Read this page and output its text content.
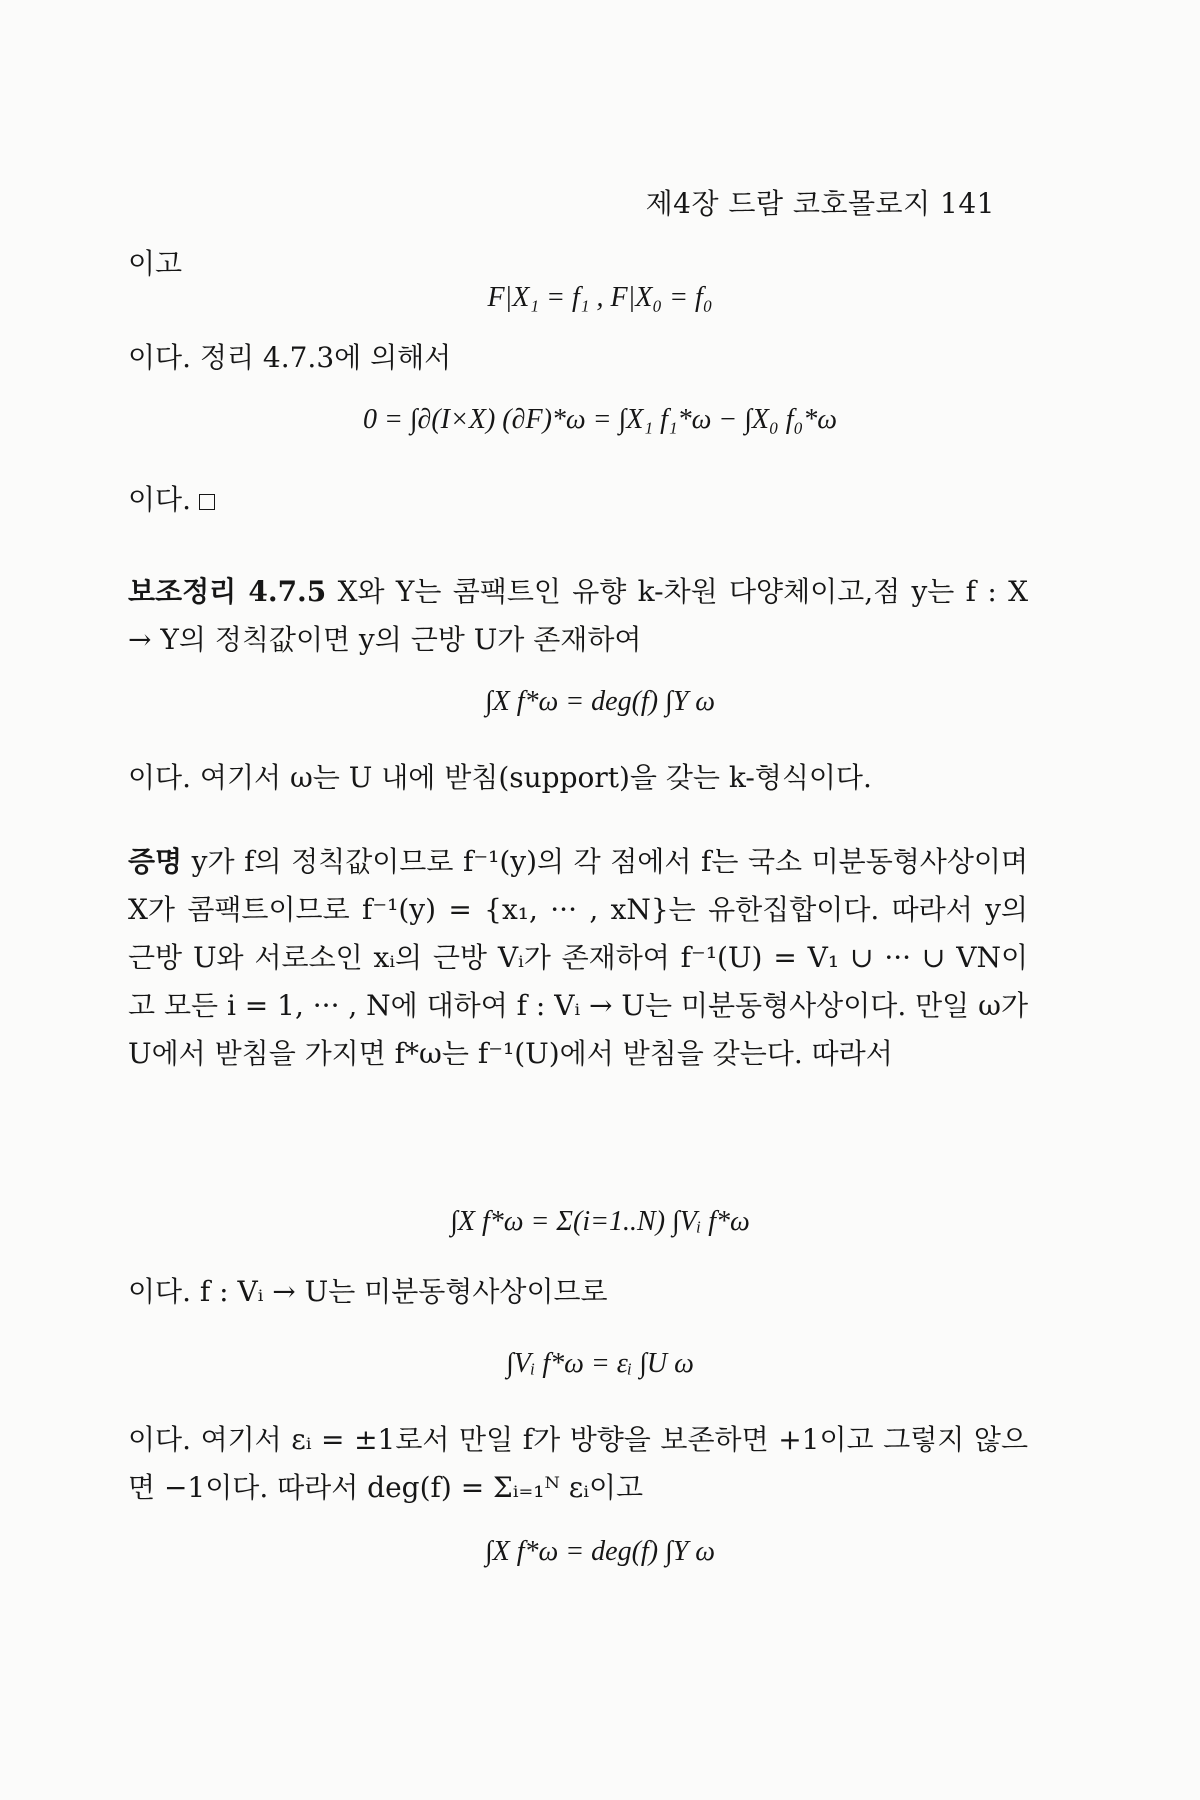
제4장 드람 코호몰로지 141
이고
F|X₁ = f₁ , F|X₀ = f₀
이다. 정리 4.7.3에 의해서
0 = ∫∂(I×X) (∂F)*ω = ∫X₁ f₁*ω − ∫X₀ f₀*ω
이다.
보조정리 4.7.5 X와 Y는 콤팩트인 유향 k-차원 다양체이고,점 y는 f : X → Y의 정칙값이면 y의 근방 U가 존재하여
∫X f*ω = deg(f) ∫Y ω
이다. 여기서 ω는 U 내에 받침(support)을 갖는 k-형식이다.
증명 y가 f의 정칙값이므로 f⁻¹(y)의 각 점에서 f는 국소 미분동형사상이며 X가 콤팩트이므로 f⁻¹(y) = {x₁, ··· , xN}는 유한집합이다. 따라서 y의 근방 U와 서로소인 xᵢ의 근방 Vᵢ가 존재하여 f⁻¹(U) = V₁ ∪ ··· ∪ VN이고 모든 i = 1, ··· , N에 대하여 f : Vᵢ → U는 미분동형사상이다. 만일 ω가 U에서 받침을 가지면 f*ω는 f⁻¹(U)에서 받침을 갖는다. 따라서
∫X f*ω = Σ(i=1..N) ∫Vᵢ f*ω
이다. f : Vᵢ → U는 미분동형사상이므로
∫Vᵢ f*ω = εᵢ ∫U ω
이다. 여기서 εᵢ = ±1로서 만일 f가 방향을 보존하면 +1이고 그렇지 않으면 −1이다. 따라서 deg(f) = Σᵢ₌₁ᴺ εᵢ이고
∫X f*ω = deg(f) ∫Y ω
